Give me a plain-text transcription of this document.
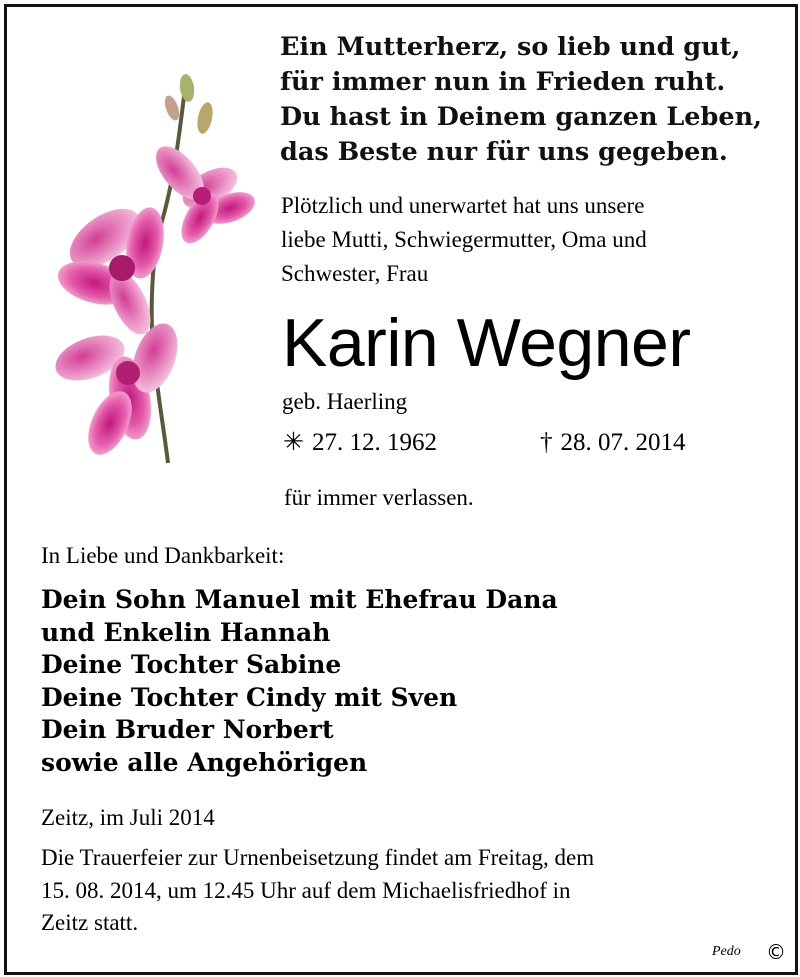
Ein Mutterherz, so lieb und gut,
für immer nun in Frieden ruht.
Du hast in Deinem ganzen Leben,
das Beste nur für uns gegeben.
Plötzlich und unerwartet hat uns unsere
liebe Mutti, Schwiegermutter, Oma und
Schwester, Frau
Karin Wegner
geb. Haerling
✳ 27. 12. 1962	† 28. 07. 2014
für immer verlassen.
In Liebe und Dankbarkeit:
Dein Sohn Manuel mit Ehefrau Dana
und Enkelin Hannah
Deine Tochter Sabine
Deine Tochter Cindy mit Sven
Dein Bruder Norbert
sowie alle Angehörigen
Zeitz, im Juli 2014
Die Trauerfeier zur Urnenbeisetzung findet am Freitag, dem
15. 08. 2014, um 12.45 Uhr auf dem Michaelisfriedhof in
Zeitz statt.
Pedo ©
